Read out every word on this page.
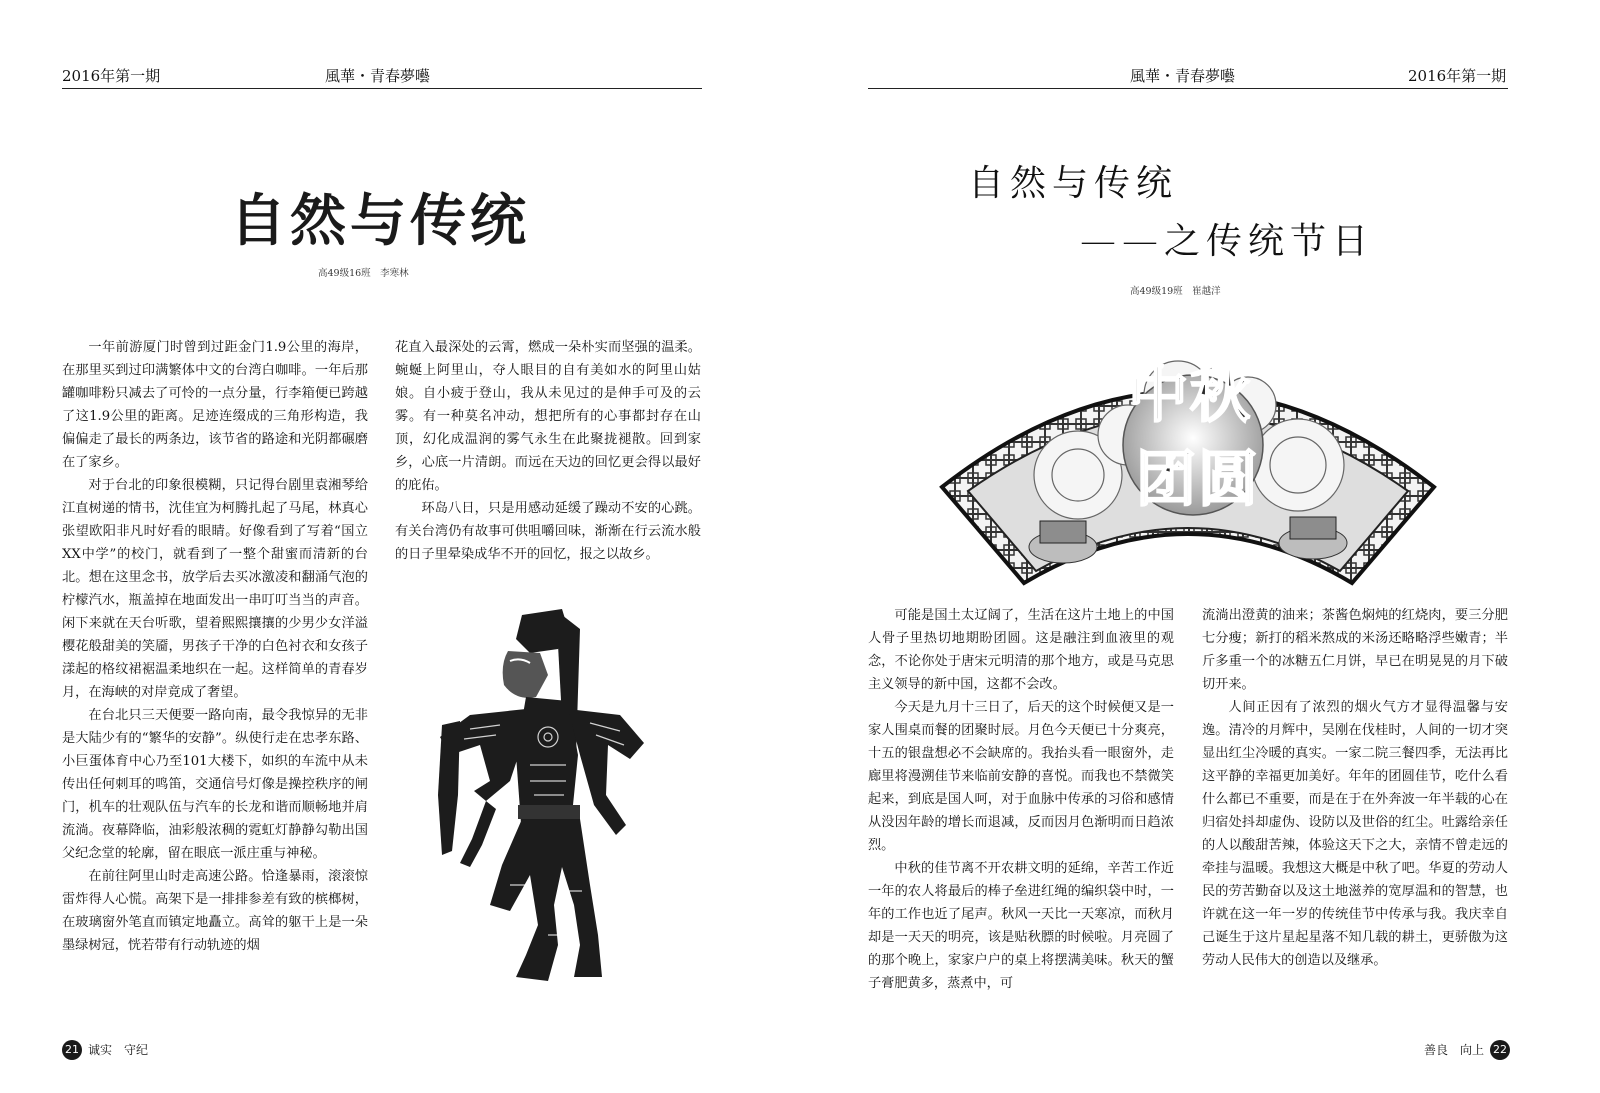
2016年第一期	風華・青春夢囈
自然与传统
高49级16班　李寒林

一年前游厦门时曾到过距金门1.9公里的海岸，在那里买到过印满繁体中文的台湾白咖啡。一年后那罐咖啡粉只减去了可怜的一点分量，行李箱便已跨越了这1.9公里的距离。足迹连缀成的三角形构造，我偏偏走了最长的两条边，该节省的路途和光阴都碾磨在了家乡。

对于台北的印象很模糊，只记得台剧里袁湘琴给江直树递的情书，沈佳宜为柯腾扎起了马尾，林真心张望欧阳非凡时好看的眼睛。好像看到了写着“国立XX中学”的校门，就看到了一整个甜蜜而清新的台北。想在这里念书，放学后去买冰激凌和翻涌气泡的柠檬汽水，瓶盖掉在地面发出一串叮叮当当的声音。闲下来就在天台听歌，望着熙熙攘攘的少男少女洋溢樱花般甜美的笑靥，男孩子干净的白色衬衣和女孩子漾起的格纹裙裾温柔地织在一起。这样简单的青春岁月，在海峡的对岸竟成了奢望。

在台北只三天便要一路向南，最令我惊异的无非是大陆少有的“繁华的安静”。纵使行走在忠孝东路、小巨蛋体育中心乃至101大楼下，如织的车流中从未传出任何刺耳的鸣笛，交通信号灯像是操控秩序的闸门，机车的壮观队伍与汽车的长龙和谐而顺畅地并肩流淌。夜幕降临，油彩般浓稠的霓虹灯静静勾勒出国父纪念堂的轮廓，留在眼底一派庄重与神秘。

在前往阿里山时走高速公路。恰逢暴雨，滚滚惊雷炸得人心慌。高架下是一排排参差有致的槟榔树，在玻璃窗外笔直而镇定地矗立。高耸的躯干上是一朵墨绿树冠，恍若带有行动轨迹的烟

花直入最深处的云霄，燃成一朵朴实而坚强的温柔。蜿蜒上阿里山，夺人眼目的自有美如水的阿里山姑娘。自小疲于登山，我从未见过的是伸手可及的云雾。有一种莫名冲动，想把所有的心事都封存在山顶，幻化成温润的雾气永生在此聚拢褪散。回到家乡，心底一片清朗。而远在天边的回忆更会得以最好的庇佑。

环岛八日，只是用感动延缓了躁动不安的心跳。有关台湾仍有故事可供咀嚼回味，渐渐在行云流水般的日子里晕染成华不开的回忆，报之以故乡。

21 诚实　守纪
風華・青春夢囈	2016年第一期
自然与传统
——之传统节日
高49级19班　崔越洋
中秋
团圆

可能是国土太辽阔了，生活在这片土地上的中国人骨子里热切地期盼团圆。这是融注到血液里的观念，不论你处于唐宋元明清的那个地方，或是马克思主义领导的新中国，这都不会改。

今天是九月十三日了，后天的这个时候便又是一家人围桌而餐的团聚时辰。月色今天便已十分爽亮，十五的银盘想必不会缺席的。我抬头看一眼窗外，走廊里将漫溯佳节来临前安静的喜悦。而我也不禁微笑起来，到底是国人呵，对于血脉中传承的习俗和感情从没因年龄的增长而退减，反而因月色渐明而日趋浓烈。

中秋的佳节离不开农耕文明的延绵，辛苦工作近一年的农人将最后的棒子垒进红绳的编织袋中时，一年的工作也近了尾声。秋风一天比一天寒凉，而秋月却是一天天的明亮，该是贴秋膘的时候啦。月亮圆了的那个晚上，家家户户的桌上将摆满美味。秋天的蟹子膏肥黄多，蒸煮中，可

流淌出澄黄的油来；茶酱色焖炖的红烧肉，要三分肥七分瘦；新打的稻米熬成的米汤还略略浮些嫩青；半斤多重一个的冰糖五仁月饼，早已在明晃晃的月下破切开来。

人间正因有了浓烈的烟火气方才显得温馨与安逸。清冷的月辉中，吴刚在伐桂时，人间的一切才突显出红尘冷暖的真实。一家二院三餐四季，无法再比这平静的幸福更加美好。年年的团圆佳节，吃什么看什么都已不重要，而是在于在外奔波一年半载的心在归宿处抖却虚伪、设防以及世俗的红尘。吐露给亲任的人以酸甜苦辣，体验这天下之大，亲情不曾走远的牵挂与温暖。我想这大概是中秋了吧。华夏的劳动人民的劳苦勤奋以及这土地滋养的宽厚温和的智慧，也许就在这一年一岁的传统佳节中传承与我。我庆幸自己诞生于这片星起星落不知几载的耕土，更骄傲为这劳动人民伟大的创造以及继承。

善良　向上 22
